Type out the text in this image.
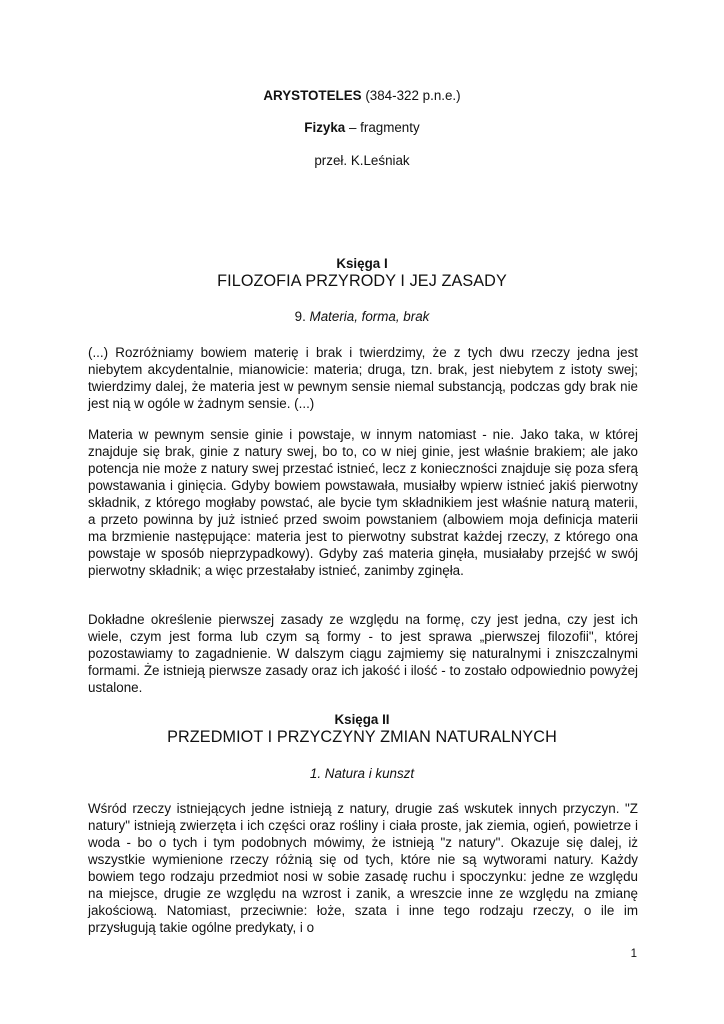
ARYSTOTELES (384-322 p.n.e.)
Fizyka – fragmenty
przeł. K.Leśniak
Księga I
FILOZOFIA PRZYRODY I JEJ ZASADY
9. Materia, forma, brak

(...) Rozróżniamy bowiem materię i brak i twierdzimy, że z tych dwu rzeczy jedna jest niebytem akcydentalnie, mianowicie: materia; druga, tzn. brak, jest niebytem z istoty swej; twierdzimy dalej, że materia jest w pewnym sensie niemal substancją, podczas gdy brak nie jest nią w ogóle w żadnym sensie. (...)

Materia w pewnym sensie ginie i powstaje, w innym natomiast - nie. Jako taka, w której znajduje się brak, ginie z natury swej, bo to, co w niej ginie, jest właśnie brakiem; ale jako potencja nie może z natury swej przestać istnieć, lecz z konieczności znajduje się poza sferą powstawania i ginięcia. Gdyby bowiem powstawała, musiałby wpierw istnieć jakiś pierwotny składnik, z którego mogłaby powstać, ale bycie tym składnikiem jest właśnie naturą materii, a przeto powinna by już istnieć przed swoim powstaniem (albowiem moja definicja materii ma brzmienie następujące: materia jest to pierwotny substrat każdej rzeczy, z którego ona powstaje w sposób nieprzypadkowy). Gdyby zaś materia ginęła, musiałaby przejść w swój pierwotny składnik; a więc przestałaby istnieć, zanimby zginęła.

Dokładne określenie pierwszej zasady ze względu na formę, czy jest jedna, czy jest ich wiele, czym jest forma lub czym są formy - to jest sprawa „pierwszej filozofii", której pozostawiamy to zagadnienie. W dalszym ciągu zajmiemy się naturalnymi i zniszczalnymi formami. Że istnieją pierwsze zasady oraz ich jakość i ilość - to zostało odpowiednio powyżej ustalone.

Księga II
PRZEDMIOT I PRZYCZYNY ZMIAN NATURALNYCH
1. Natura i kunszt

Wśród rzeczy istniejących jedne istnieją z natury, drugie zaś wskutek innych przyczyn. "Z natury" istnieją zwierzęta i ich części oraz rośliny i ciała proste, jak ziemia, ogień, powietrze i woda - bo o tych i tym podobnych mówimy, że istnieją "z natury". Okazuje się dalej, iż wszystkie wymienione rzeczy różnią się od tych, które nie są wytworami natury. Każdy bowiem tego rodzaju przedmiot nosi w sobie zasadę ruchu i spoczynku: jedne ze względu na miejsce, drugie ze względu na wzrost i zanik, a wreszcie inne ze względu na zmianę jakościową. Natomiast, przeciwnie: łoże, szata i inne tego rodzaju rzeczy, o ile im przysługują takie ogólne predykaty, i o

1
